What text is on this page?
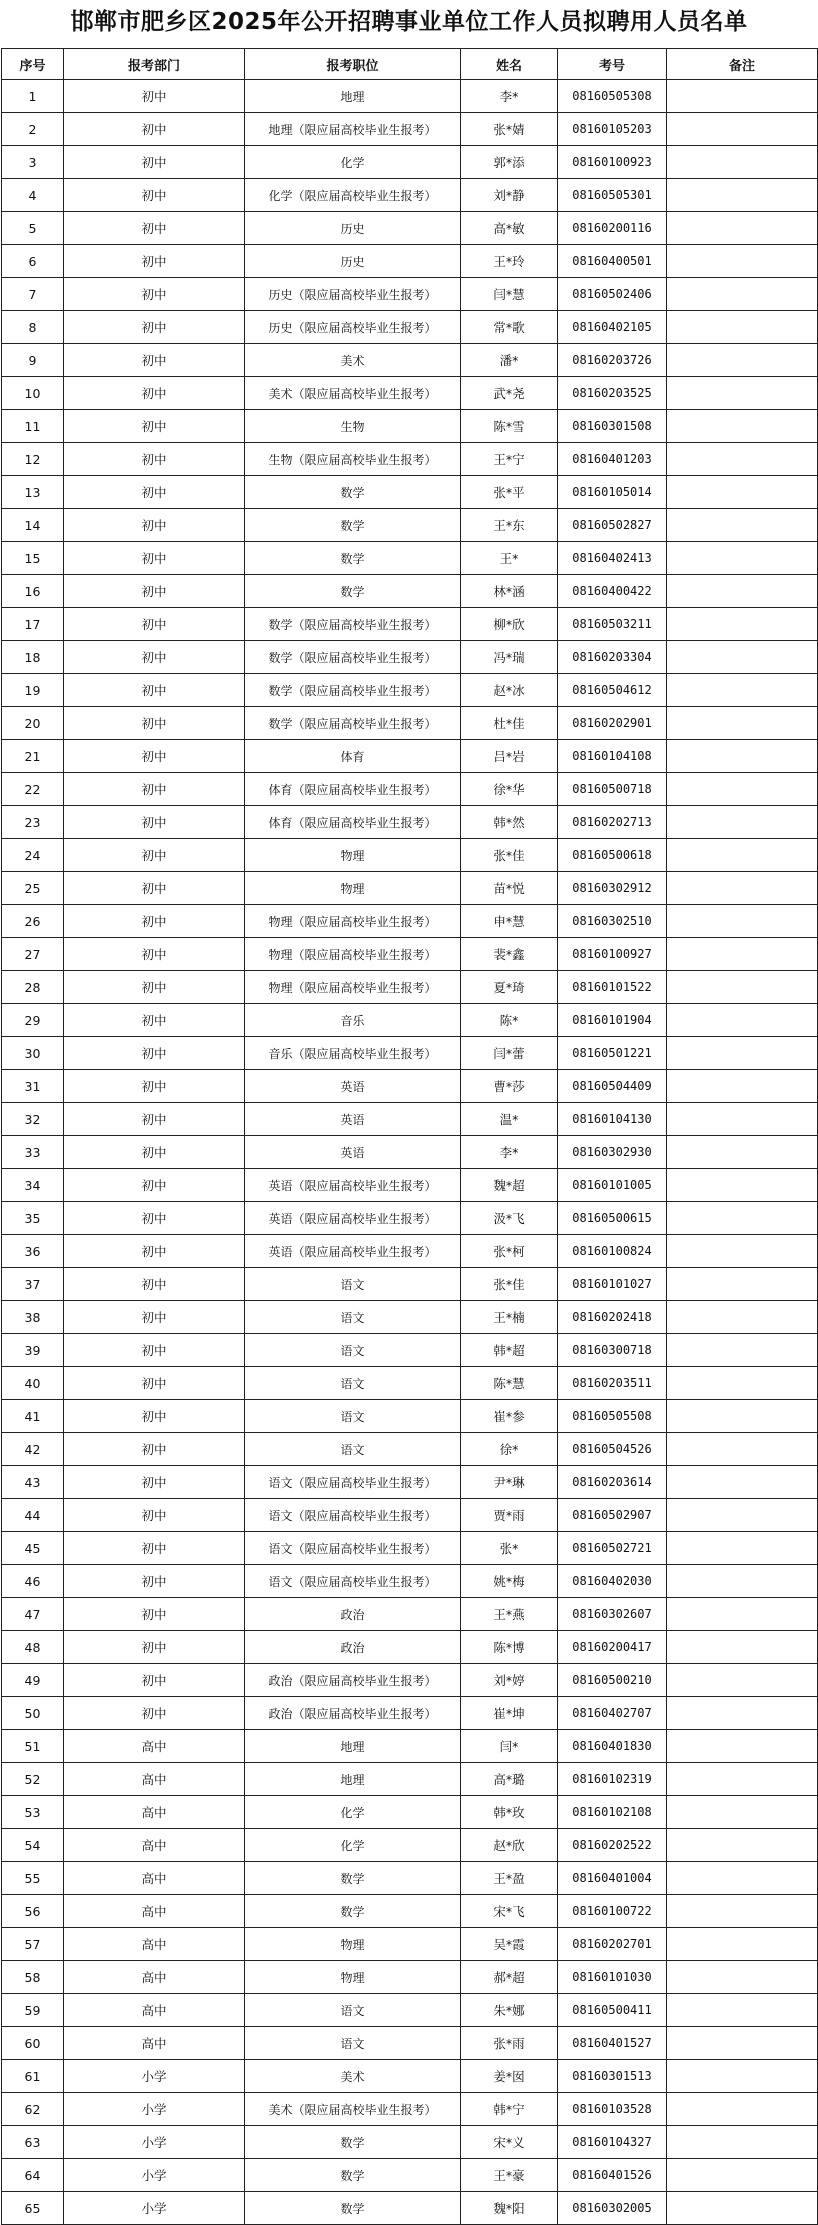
邯郸市肥乡区2025年公开招聘事业单位工作人员拟聘用人员名单
序号	报考部门	报考职位	姓名	考号	备注
1	初中	地理	李*	08160505308	
2	初中	地理（限应届高校毕业生报考）	张*婧	08160105203	
3	初中	化学	郭*添	08160100923	
4	初中	化学（限应届高校毕业生报考）	刘*静	08160505301	
5	初中	历史	高*敏	08160200116	
6	初中	历史	王*玲	08160400501	
7	初中	历史（限应届高校毕业生报考）	闫*慧	08160502406	
8	初中	历史（限应届高校毕业生报考）	常*歌	08160402105	
9	初中	美术	潘*	08160203726	
10	初中	美术（限应届高校毕业生报考）	武*尧	08160203525	
11	初中	生物	陈*雪	08160301508	
12	初中	生物（限应届高校毕业生报考）	王*宁	08160401203	
13	初中	数学	张*平	08160105014	
14	初中	数学	王*东	08160502827	
15	初中	数学	王*	08160402413	
16	初中	数学	林*涵	08160400422	
17	初中	数学（限应届高校毕业生报考）	柳*欣	08160503211	
18	初中	数学（限应届高校毕业生报考）	冯*瑞	08160203304	
19	初中	数学（限应届高校毕业生报考）	赵*冰	08160504612	
20	初中	数学（限应届高校毕业生报考）	杜*佳	08160202901	
21	初中	体育	吕*岩	08160104108	
22	初中	体育（限应届高校毕业生报考）	徐*华	08160500718	
23	初中	体育（限应届高校毕业生报考）	韩*然	08160202713	
24	初中	物理	张*佳	08160500618	
25	初中	物理	苗*悦	08160302912	
26	初中	物理（限应届高校毕业生报考）	申*慧	08160302510	
27	初中	物理（限应届高校毕业生报考）	裴*鑫	08160100927	
28	初中	物理（限应届高校毕业生报考）	夏*琦	08160101522	
29	初中	音乐	陈*	08160101904	
30	初中	音乐（限应届高校毕业生报考）	闫*蕾	08160501221	
31	初中	英语	曹*莎	08160504409	
32	初中	英语	温*	08160104130	
33	初中	英语	李*	08160302930	
34	初中	英语（限应届高校毕业生报考）	魏*超	08160101005	
35	初中	英语（限应届高校毕业生报考）	汲*飞	08160500615	
36	初中	英语（限应届高校毕业生报考）	张*柯	08160100824	
37	初中	语文	张*佳	08160101027	
38	初中	语文	王*楠	08160202418	
39	初中	语文	韩*超	08160300718	
40	初中	语文	陈*慧	08160203511	
41	初中	语文	崔*参	08160505508	
42	初中	语文	徐*	08160504526	
43	初中	语文（限应届高校毕业生报考）	尹*琳	08160203614	
44	初中	语文（限应届高校毕业生报考）	贾*雨	08160502907	
45	初中	语文（限应届高校毕业生报考）	张*	08160502721	
46	初中	语文（限应届高校毕业生报考）	姚*梅	08160402030	
47	初中	政治	王*燕	08160302607	
48	初中	政治	陈*博	08160200417	
49	初中	政治（限应届高校毕业生报考）	刘*婷	08160500210	
50	初中	政治（限应届高校毕业生报考）	崔*坤	08160402707	
51	高中	地理	闫*	08160401830	
52	高中	地理	高*璐	08160102319	
53	高中	化学	韩*玫	08160102108	
54	高中	化学	赵*欣	08160202522	
55	高中	数学	王*盈	08160401004	
56	高中	数学	宋*飞	08160100722	
57	高中	物理	吴*霞	08160202701	
58	高中	物理	郝*超	08160101030	
59	高中	语文	朱*娜	08160500411	
60	高中	语文	张*雨	08160401527	
61	小学	美术	姜*囡	08160301513	
62	小学	美术（限应届高校毕业生报考）	韩*宁	08160103528	
63	小学	数学	宋*义	08160104327	
64	小学	数学	王*豪	08160401526	
65	小学	数学	魏*阳	08160302005	
